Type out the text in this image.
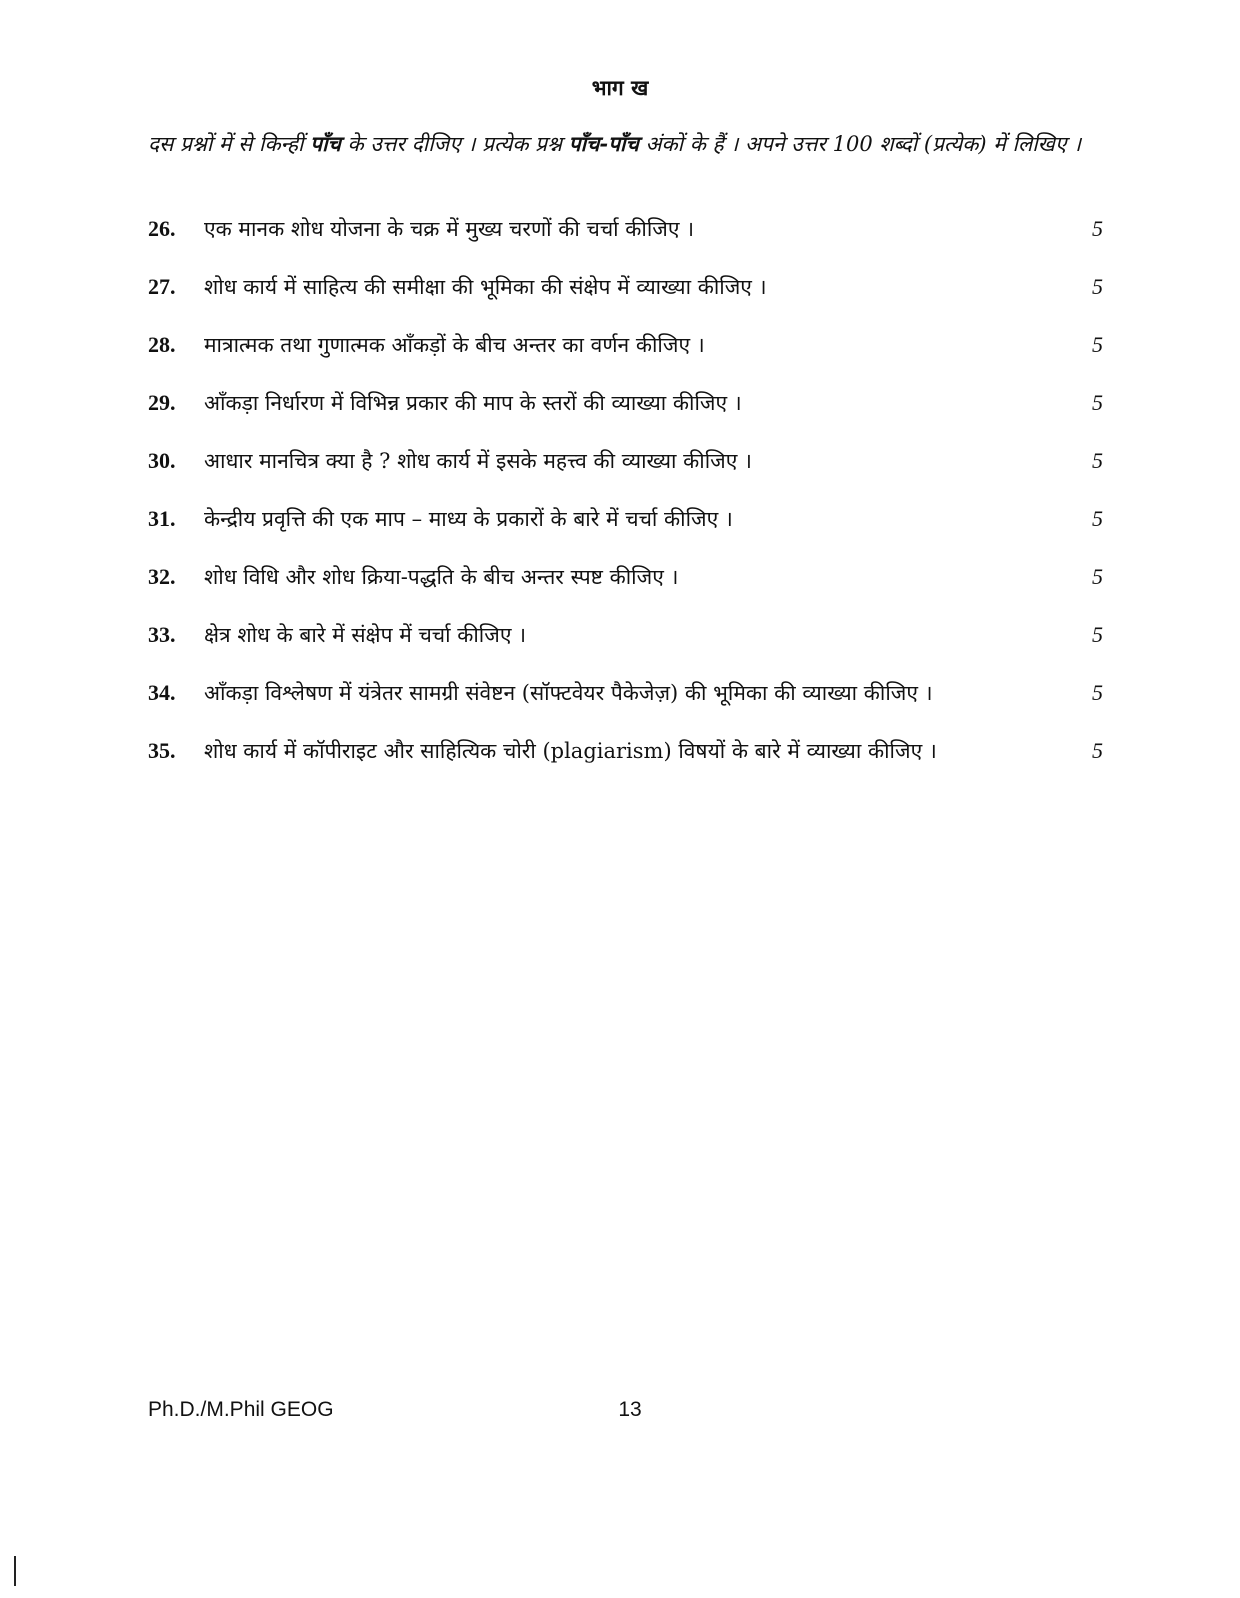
भाग ख
दस प्रश्नों में से किन्हीं पाँच के उत्तर दीजिए । प्रत्येक प्रश्न पाँच-पाँच अंकों के हैं । अपने उत्तर 100 शब्दों (प्रत्येक) में लिखिए ।
26.	एक मानक शोध योजना के चक्र में मुख्य चरणों की चर्चा कीजिए ।	5
27.	शोध कार्य में साहित्य की समीक्षा की भूमिका की संक्षेप में व्याख्या कीजिए ।	5
28.	मात्रात्मक तथा गुणात्मक आँकड़ों के बीच अन्तर का वर्णन कीजिए ।	5
29.	आँकड़ा निर्धारण में विभिन्न प्रकार की माप के स्तरों की व्याख्या कीजिए ।	5
30.	आधार मानचित्र क्या है ? शोध कार्य में इसके महत्त्व की व्याख्या कीजिए ।	5
31.	केन्द्रीय प्रवृत्ति की एक माप – माध्य के प्रकारों के बारे में चर्चा कीजिए ।	5
32.	शोध विधि और शोध क्रिया-पद्धति के बीच अन्तर स्पष्ट कीजिए ।	5
33.	क्षेत्र शोध के बारे में संक्षेप में चर्चा कीजिए ।	5
34.	आँकड़ा विश्लेषण में यंत्रेतर सामग्री संवेष्टन (सॉफ्टवेयर पैकेजेज़) की भूमिका की व्याख्या कीजिए ।	5
35.	शोध कार्य में कॉपीराइट और साहित्यिक चोरी (plagiarism) विषयों के बारे में व्याख्या कीजिए ।	5
Ph.D./M.Phil GEOG	13
